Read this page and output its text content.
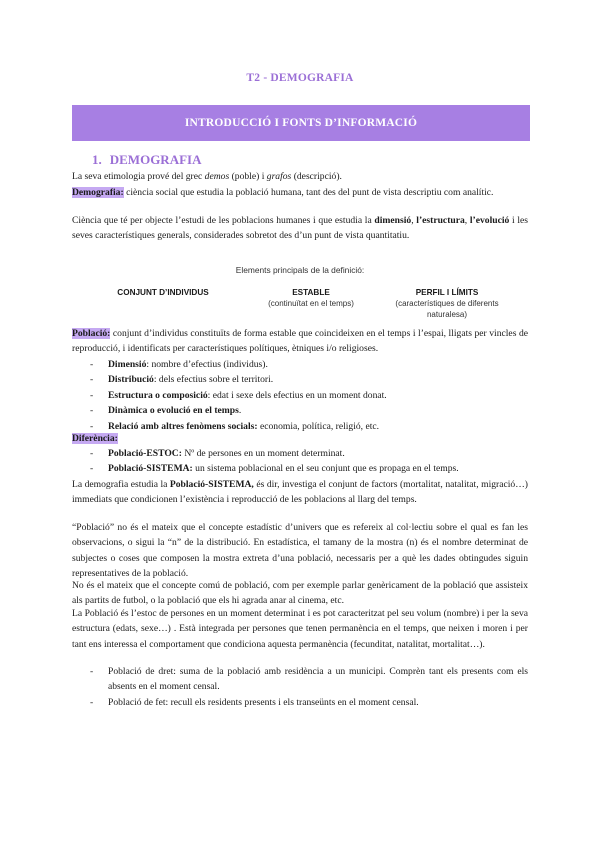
T2 - DEMOGRAFIA
INTRODUCCIÓ I FONTS D’INFORMACIÓ
1. DEMOGRAFIA
La seva etimologia prové del grec demos (poble) i grafos (descripció).
Demografia: ciència social que estudia la població humana, tant des del punt de vista descriptiu com analític.
Ciència que té per objecte l’estudi de les poblacions humanes i que estudia la dimensió, l’estructura, l’evolució i les seves característiques generals, considerades sobretot des d’un punt de vista quantitatiu.
Elements principals de la definició:
CONJUNT D’INDIVIDUS	ESTABLE
(continuïtat en el temps)
PERFIL I LÍMITS
(característiques de diferents naturalesa)
Població: conjunt d’individus constituïts de forma estable que coincideixen en el temps i l’espai, lligats per vincles de reproducció, i identificats per característiques polítiques, ètniques i/o religioses.
- Dimensió: nombre d’efectius (individus).
- Distribució: dels efectius sobre el territori.
- Estructura o composició: edat i sexe dels efectius en un moment donat.
- Dinàmica o evolució en el temps.
- Relació amb altres fenòmens socials: economia, política, religió, etc.
Diferència:
- Població-ESTOC: Nº de persones en un moment determinat.
- Població-SISTEMA: un sistema poblacional en el seu conjunt que es propaga en el temps.
La demografia estudia la Població-SISTEMA, és dir, investiga el conjunt de factors (mortalitat, natalitat, migració…) immediats que condicionen l’existència i reproducció de les poblacions al llarg del temps.
“Població” no és el mateix que el concepte estadístic d’univers que es refereix al col·lectiu sobre el qual es fan les observacions, o sigui la “n” de la distribució. En estadística, el tamany de la mostra (n) és el nombre determinat de subjectes o coses que composen la mostra extreta d’una població, necessaris per a què les dades obtingudes siguin representatives de la població.
No és el mateix que el concepte comú de població, com per exemple parlar genèricament de la població que assisteix als partits de futbol, o la població que els hi agrada anar al cinema, etc.
La Població és l’estoc de persones en un moment determinat i es pot caracteritzat pel seu volum (nombre) i per la seva estructura (edats, sexe…) . Està integrada per persones que tenen permanència en el temps, que neixen i moren i per tant ens interessa el comportament que condiciona aquesta permanència (fecunditat, natalitat, mortalitat…).
- Població de dret: suma de la població amb residència a un municipi. Comprèn tant els presents com els absents en el moment censal.
- Població de fet: recull els residents presents i els transeünts en el moment censal.
